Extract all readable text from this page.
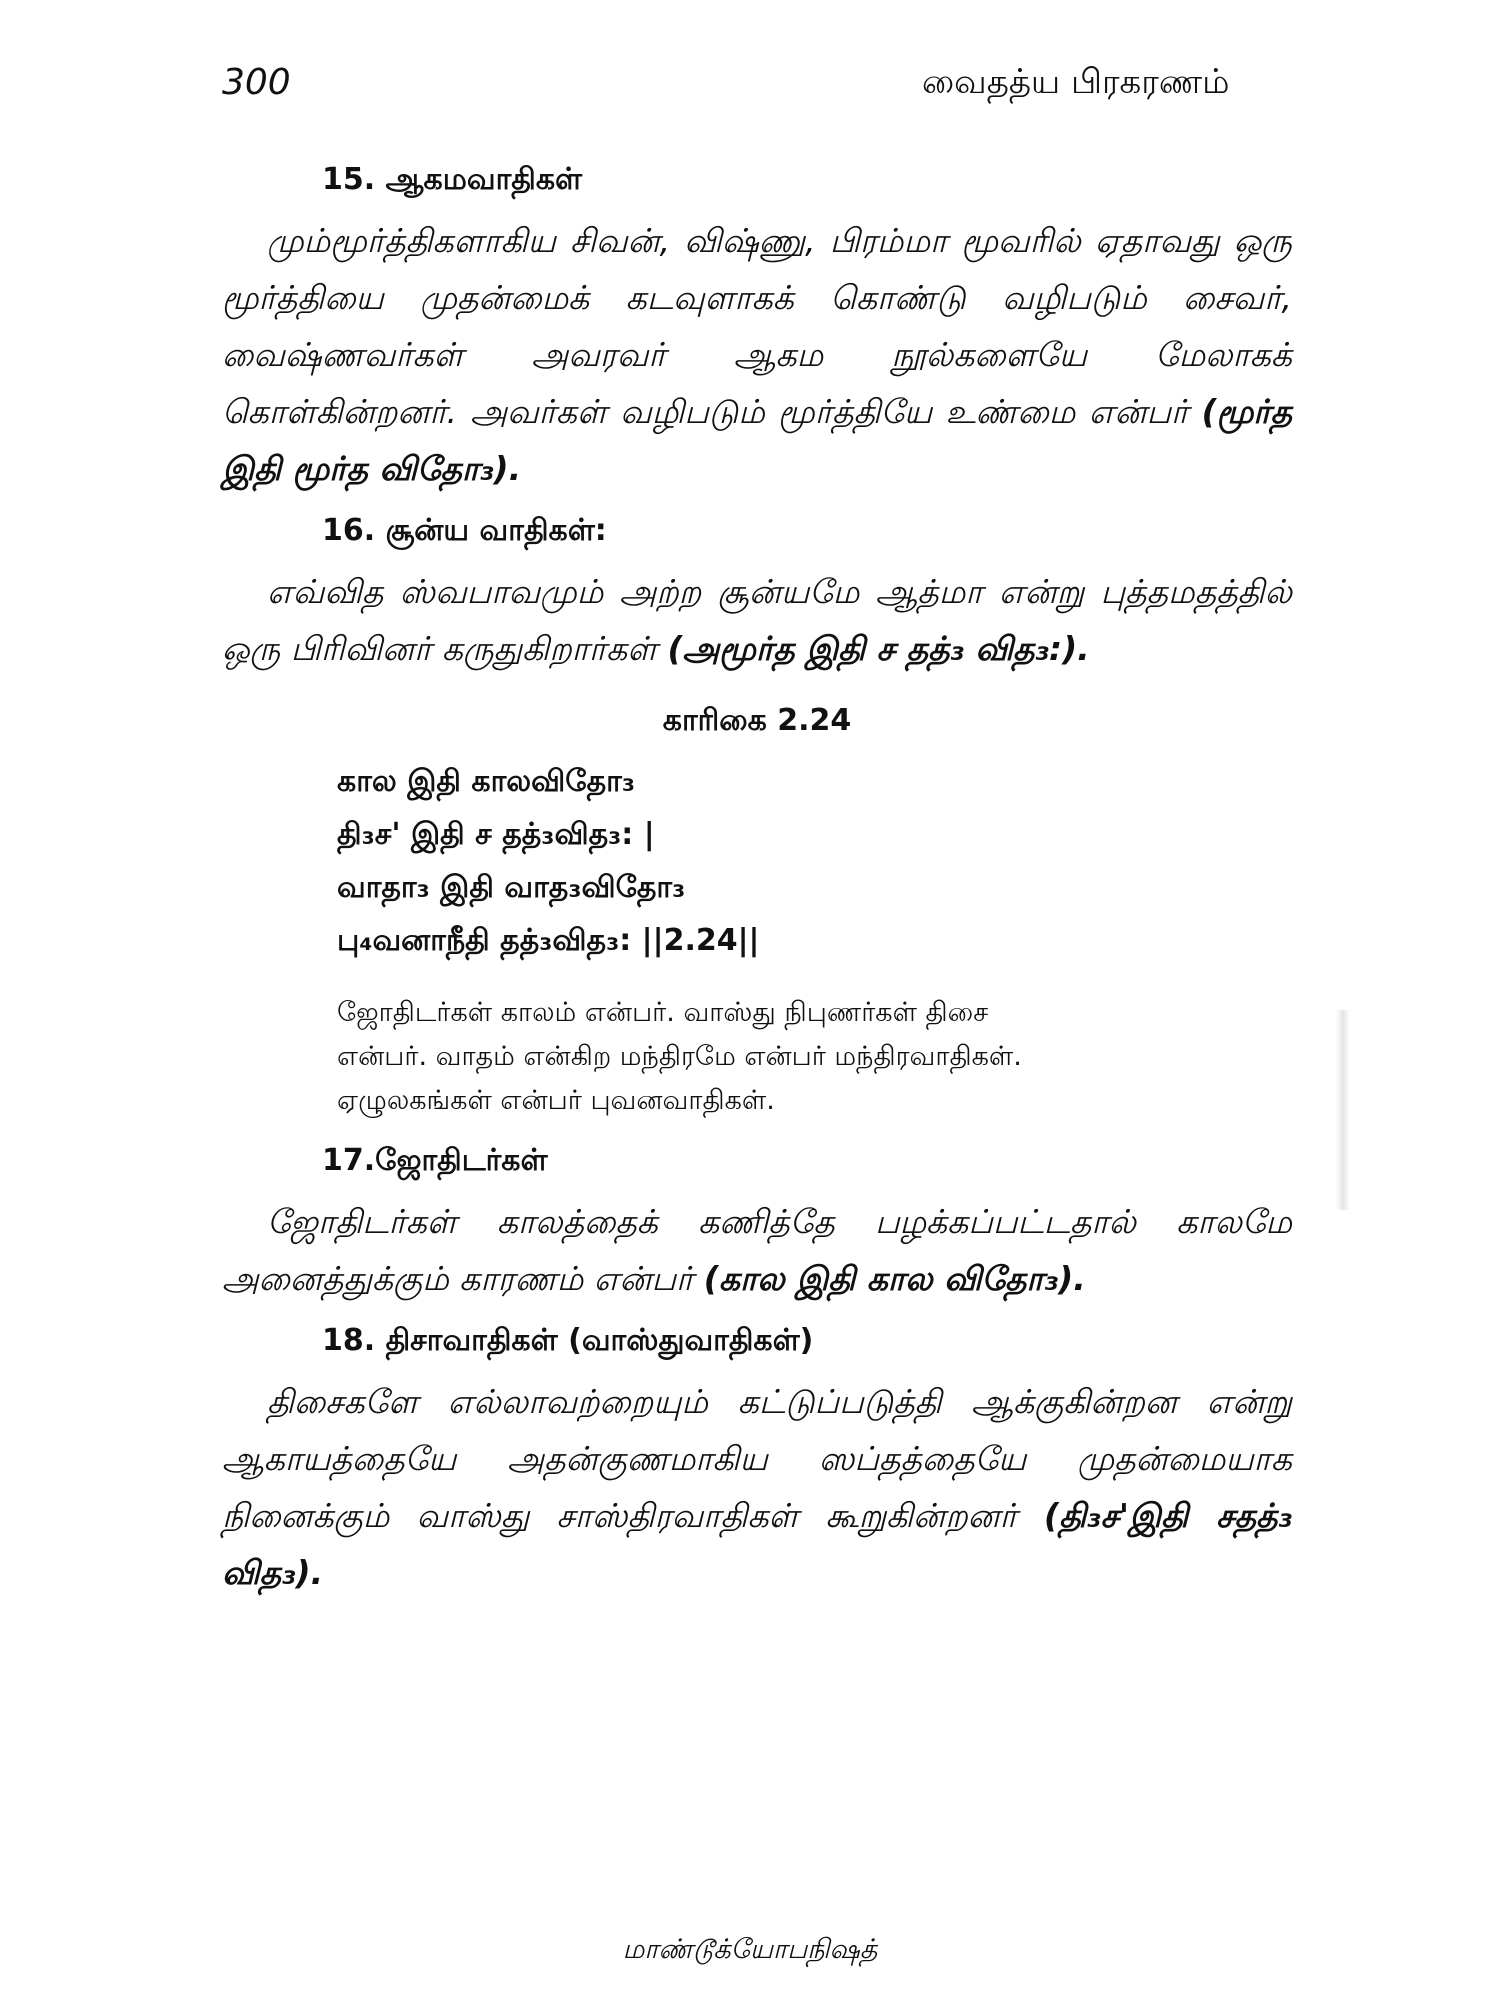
300	வைதத்ய பிரகரணம்
15. ஆகமவாதிகள்

மும்மூர்த்திகளாகிய சிவன், விஷ்ணு, பிரம்மா மூவரில் ஏதாவது ஒரு மூர்த்தியை முதன்மைக் கடவுளாகக் கொண்டு வழிபடும் சைவர், வைஷ்ணவர்கள் அவரவர் ஆகம நூல்களையே மேலாகக் கொள்கின்றனர். அவர்கள் வழிபடும் மூர்த்தியே உண்மை என்பர் (மூர்த இதி மூர்த விதோ₃).

16. சூன்ய வாதிகள்:

எவ்வித ஸ்வபாவமும் அற்ற சூன்யமே ஆத்மா என்று புத்தமதத்தில் ஒரு பிரிவினர் கருதுகிறார்கள் (அமூர்த இதி ச தத்₃ வித₃:).

காரிகை 2.24
கால இதி காலவிதோ₃
தி₃ச' இதி ச தத்₃வித₃: |
வாதா₃ இதி வாத₃விதோ₃
பு₄வனாநீதி தத்₃வித₃: ||2.24||
ஜோதிடர்கள் காலம் என்பர். வாஸ்து நிபுணர்கள் திசை
என்பர். வாதம் என்கிற மந்திரமே என்பர் மந்திரவாதிகள்.
ஏழுலகங்கள் என்பர் புவனவாதிகள்.
17.ஜோதிடர்கள்

ஜோதிடர்கள் காலத்தைக் கணித்தே பழக்கப்பட்டதால் காலமே அனைத்துக்கும் காரணம் என்பர் (கால இதி கால விதோ₃).

18. திசாவாதிகள் (வாஸ்துவாதிகள்)

திசைகளே எல்லாவற்றையும் கட்டுப்படுத்தி ஆக்குகின்றன என்று ஆகாயத்தையே அதன்குணமாகிய ஸப்தத்தையே முதன்மையாக நினைக்கும் வாஸ்து சாஸ்திரவாதிகள் கூறுகின்றனர் (தி₃ச'இதி சதத்₃ வித₃).

மாண்டூக்யோபநிஷத்
